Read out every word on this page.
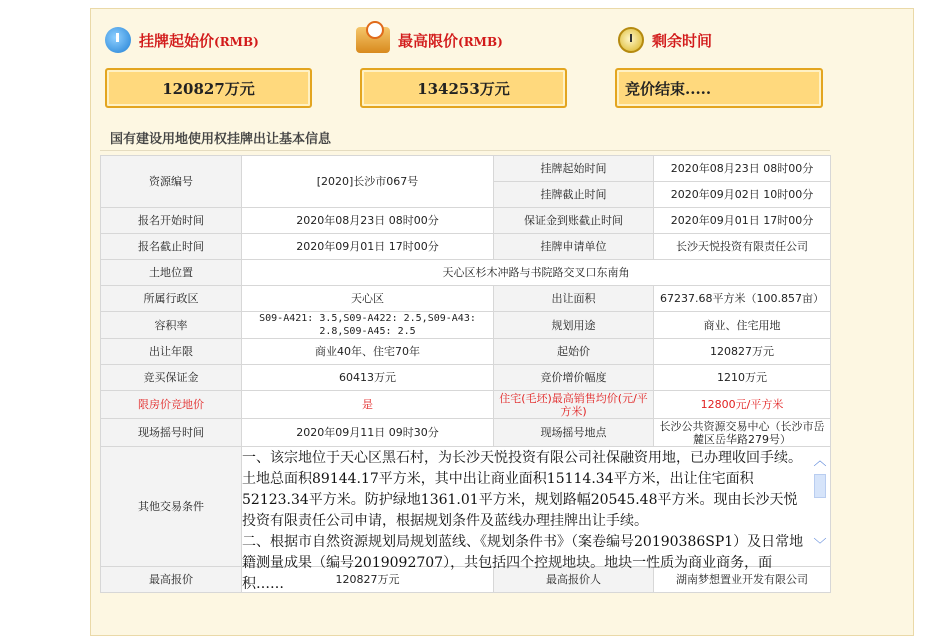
挂牌起始价(RMB)	最高限价(RMB)	剩余时间
120827万元	134253万元	竞价结束.....
国有建设用地使用权挂牌出让基本信息
资源编号	[2020]长沙市067号	挂牌起始时间	2020年08月23日 08时00分
		挂牌截止时间	2020年09月02日 10时00分
报名开始时间	2020年08月23日 08时00分	保证金到账截止时间	2020年09月01日 17时00分
报名截止时间	2020年09月01日 17时00分	挂牌申请单位	长沙天悦投资有限责任公司
土地位置	天心区杉木冲路与书院路交叉口东南角		
所属行政区	天心区	出让面积	67237.68平方米（100.857亩）
容积率	S09-A421: 3.5,S09-A422: 2.5,S09-A43: 2.8,S09-A45: 2.5	规划用途	商业、住宅用地
出让年限	商业40年、住宅70年	起始价	120827万元
竞买保证金	60413万元	竞价增价幅度	1210万元
限房价竞地价	是	住宅(毛坯)最高销售均价(元/平方米)	12800元/平方米
现场摇号时间	2020年09月11日 09时30分	现场摇号地点	长沙公共资源交易中心（长沙市岳麓区岳华路279号）
其他交易条件	一、该宗地位于天心区黑石村，为长沙天悦投资有限公司社保融资用地，已办理收回手续。土地总面积89144.17平方米，其中出让商业面积15114.34平方米，出让住宅面积52123.34平方米。防护绿地1361.01平方米，规划路幅20545.48平方米。现由长沙天悦投资有限责任公司申请，根据规划条件及蓝线办理挂牌出让手续。
二、根据市自然资源规划局规划蓝线、《规划条件书》（案卷编号20190386SP1）及日常地籍测量成果（编号2019092707），共包括四个控规地块。地块一性质为商业商务，面积……
︿
﹀		

最高报价	120827万元	最高报价人	湖南梦想置业开发有限公司
